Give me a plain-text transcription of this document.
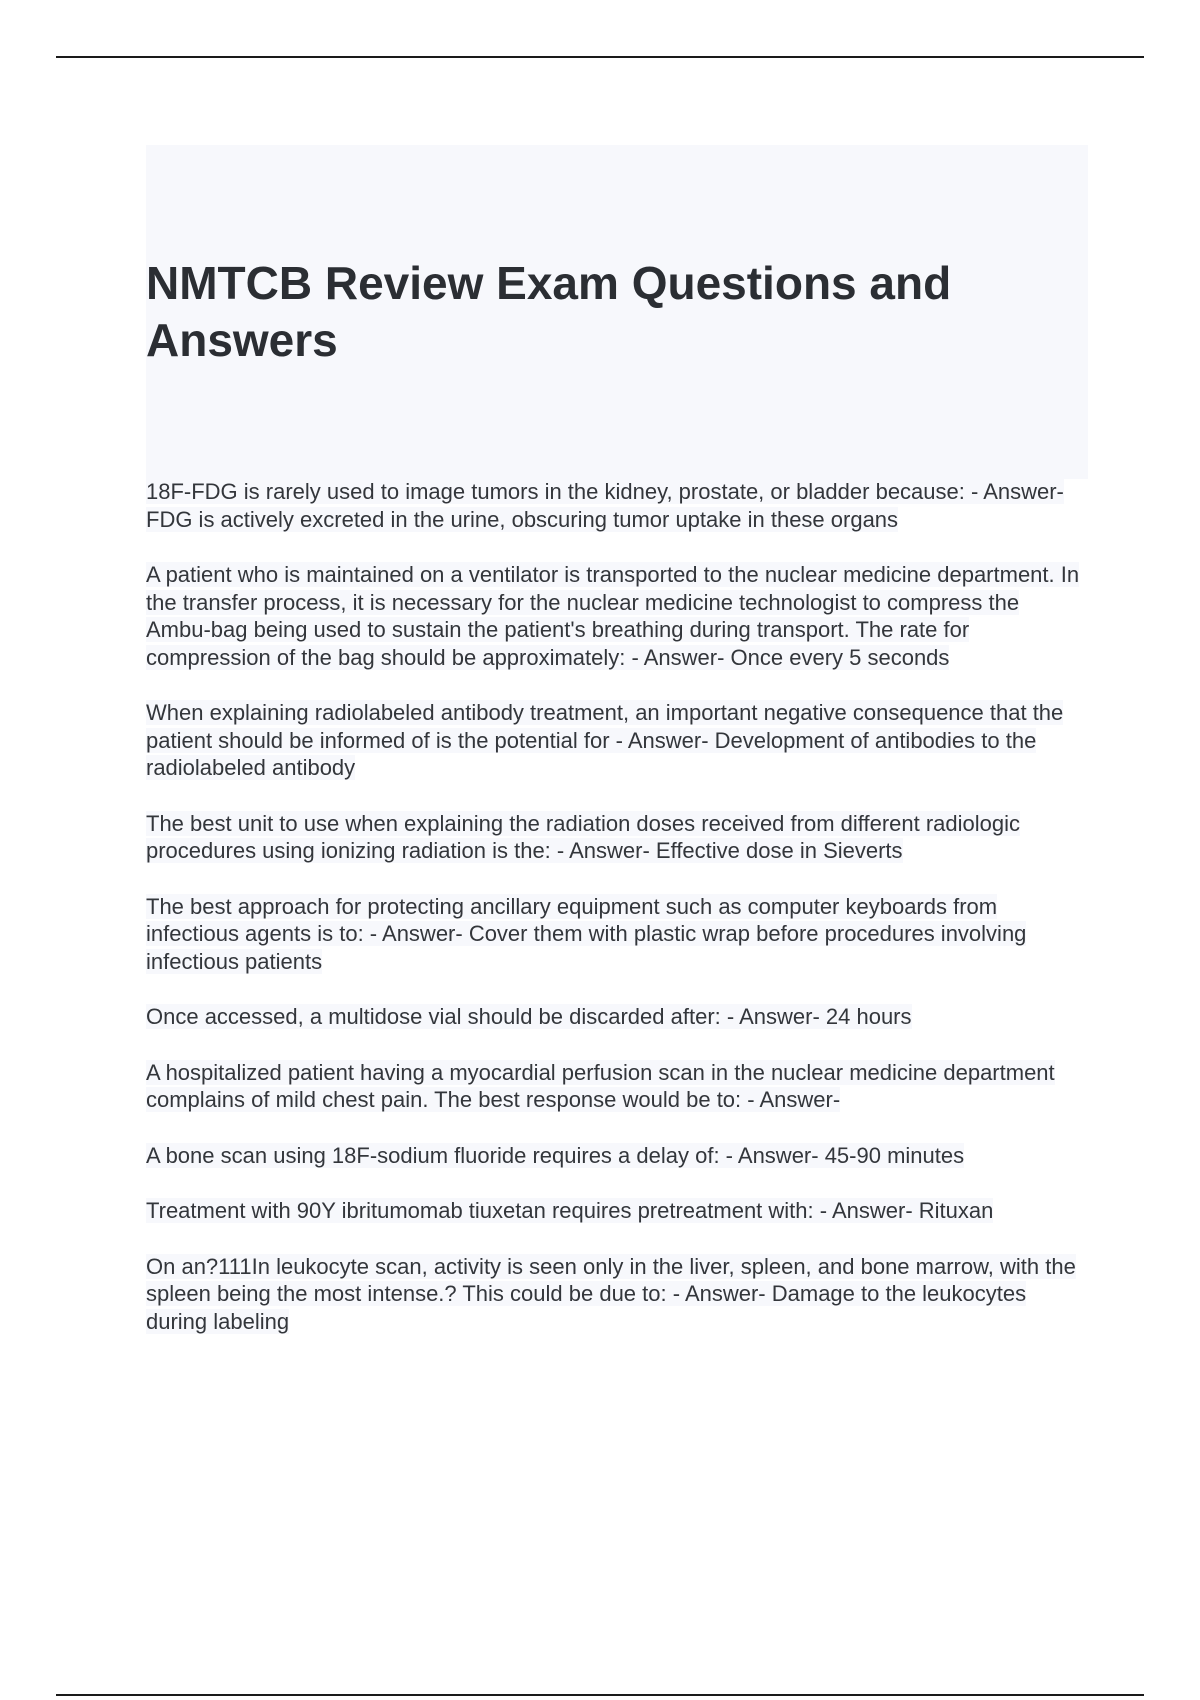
NMTCB Review Exam Questions and Answers

18F-FDG is rarely used to image tumors in the kidney, prostate, or bladder because: - Answer- FDG is actively excreted in the urine, obscuring tumor uptake in these organs

A patient who is maintained on a ventilator is transported to the nuclear medicine department. In the transfer process, it is necessary for the nuclear medicine technologist to compress the Ambu-bag being used to sustain the patient's breathing during transport. The rate for compression of the bag should be approximately: - Answer- Once every 5 seconds

When explaining radiolabeled antibody treatment, an important negative consequence that the patient should be informed of is the potential for - Answer- Development of antibodies to the radiolabeled antibody

The best unit to use when explaining the radiation doses received from different radiologic procedures using ionizing radiation is the: - Answer- Effective dose in Sieverts

The best approach for protecting ancillary equipment such as computer keyboards from infectious agents is to: - Answer- Cover them with plastic wrap before procedures involving infectious patients

Once accessed, a multidose vial should be discarded after: - Answer- 24 hours

A hospitalized patient having a myocardial perfusion scan in the nuclear medicine department complains of mild chest pain. The best response would be to: - Answer-

A bone scan using 18F-sodium fluoride requires a delay of: - Answer- 45-90 minutes

Treatment with 90Y ibritumomab tiuxetan requires pretreatment with: - Answer- Rituxan

On an?111In leukocyte scan, activity is seen only in the liver, spleen, and bone marrow, with the spleen being the most intense.? This could be due to: - Answer- Damage to the leukocytes during labeling
